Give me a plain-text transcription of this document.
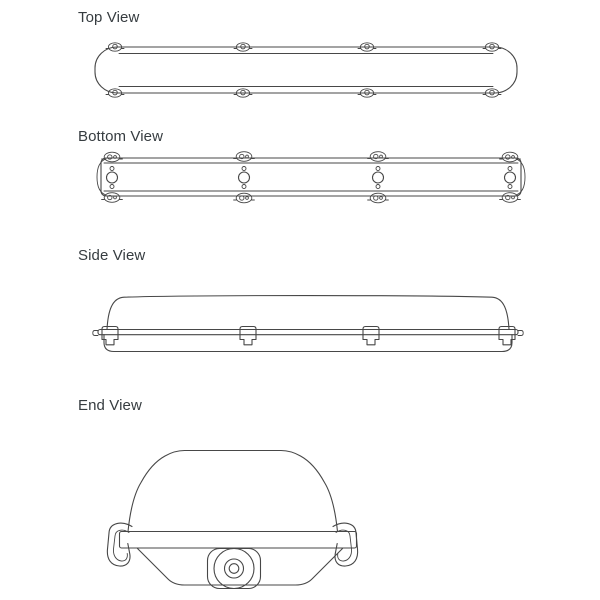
Top View
Bottom View
Side View
End View
